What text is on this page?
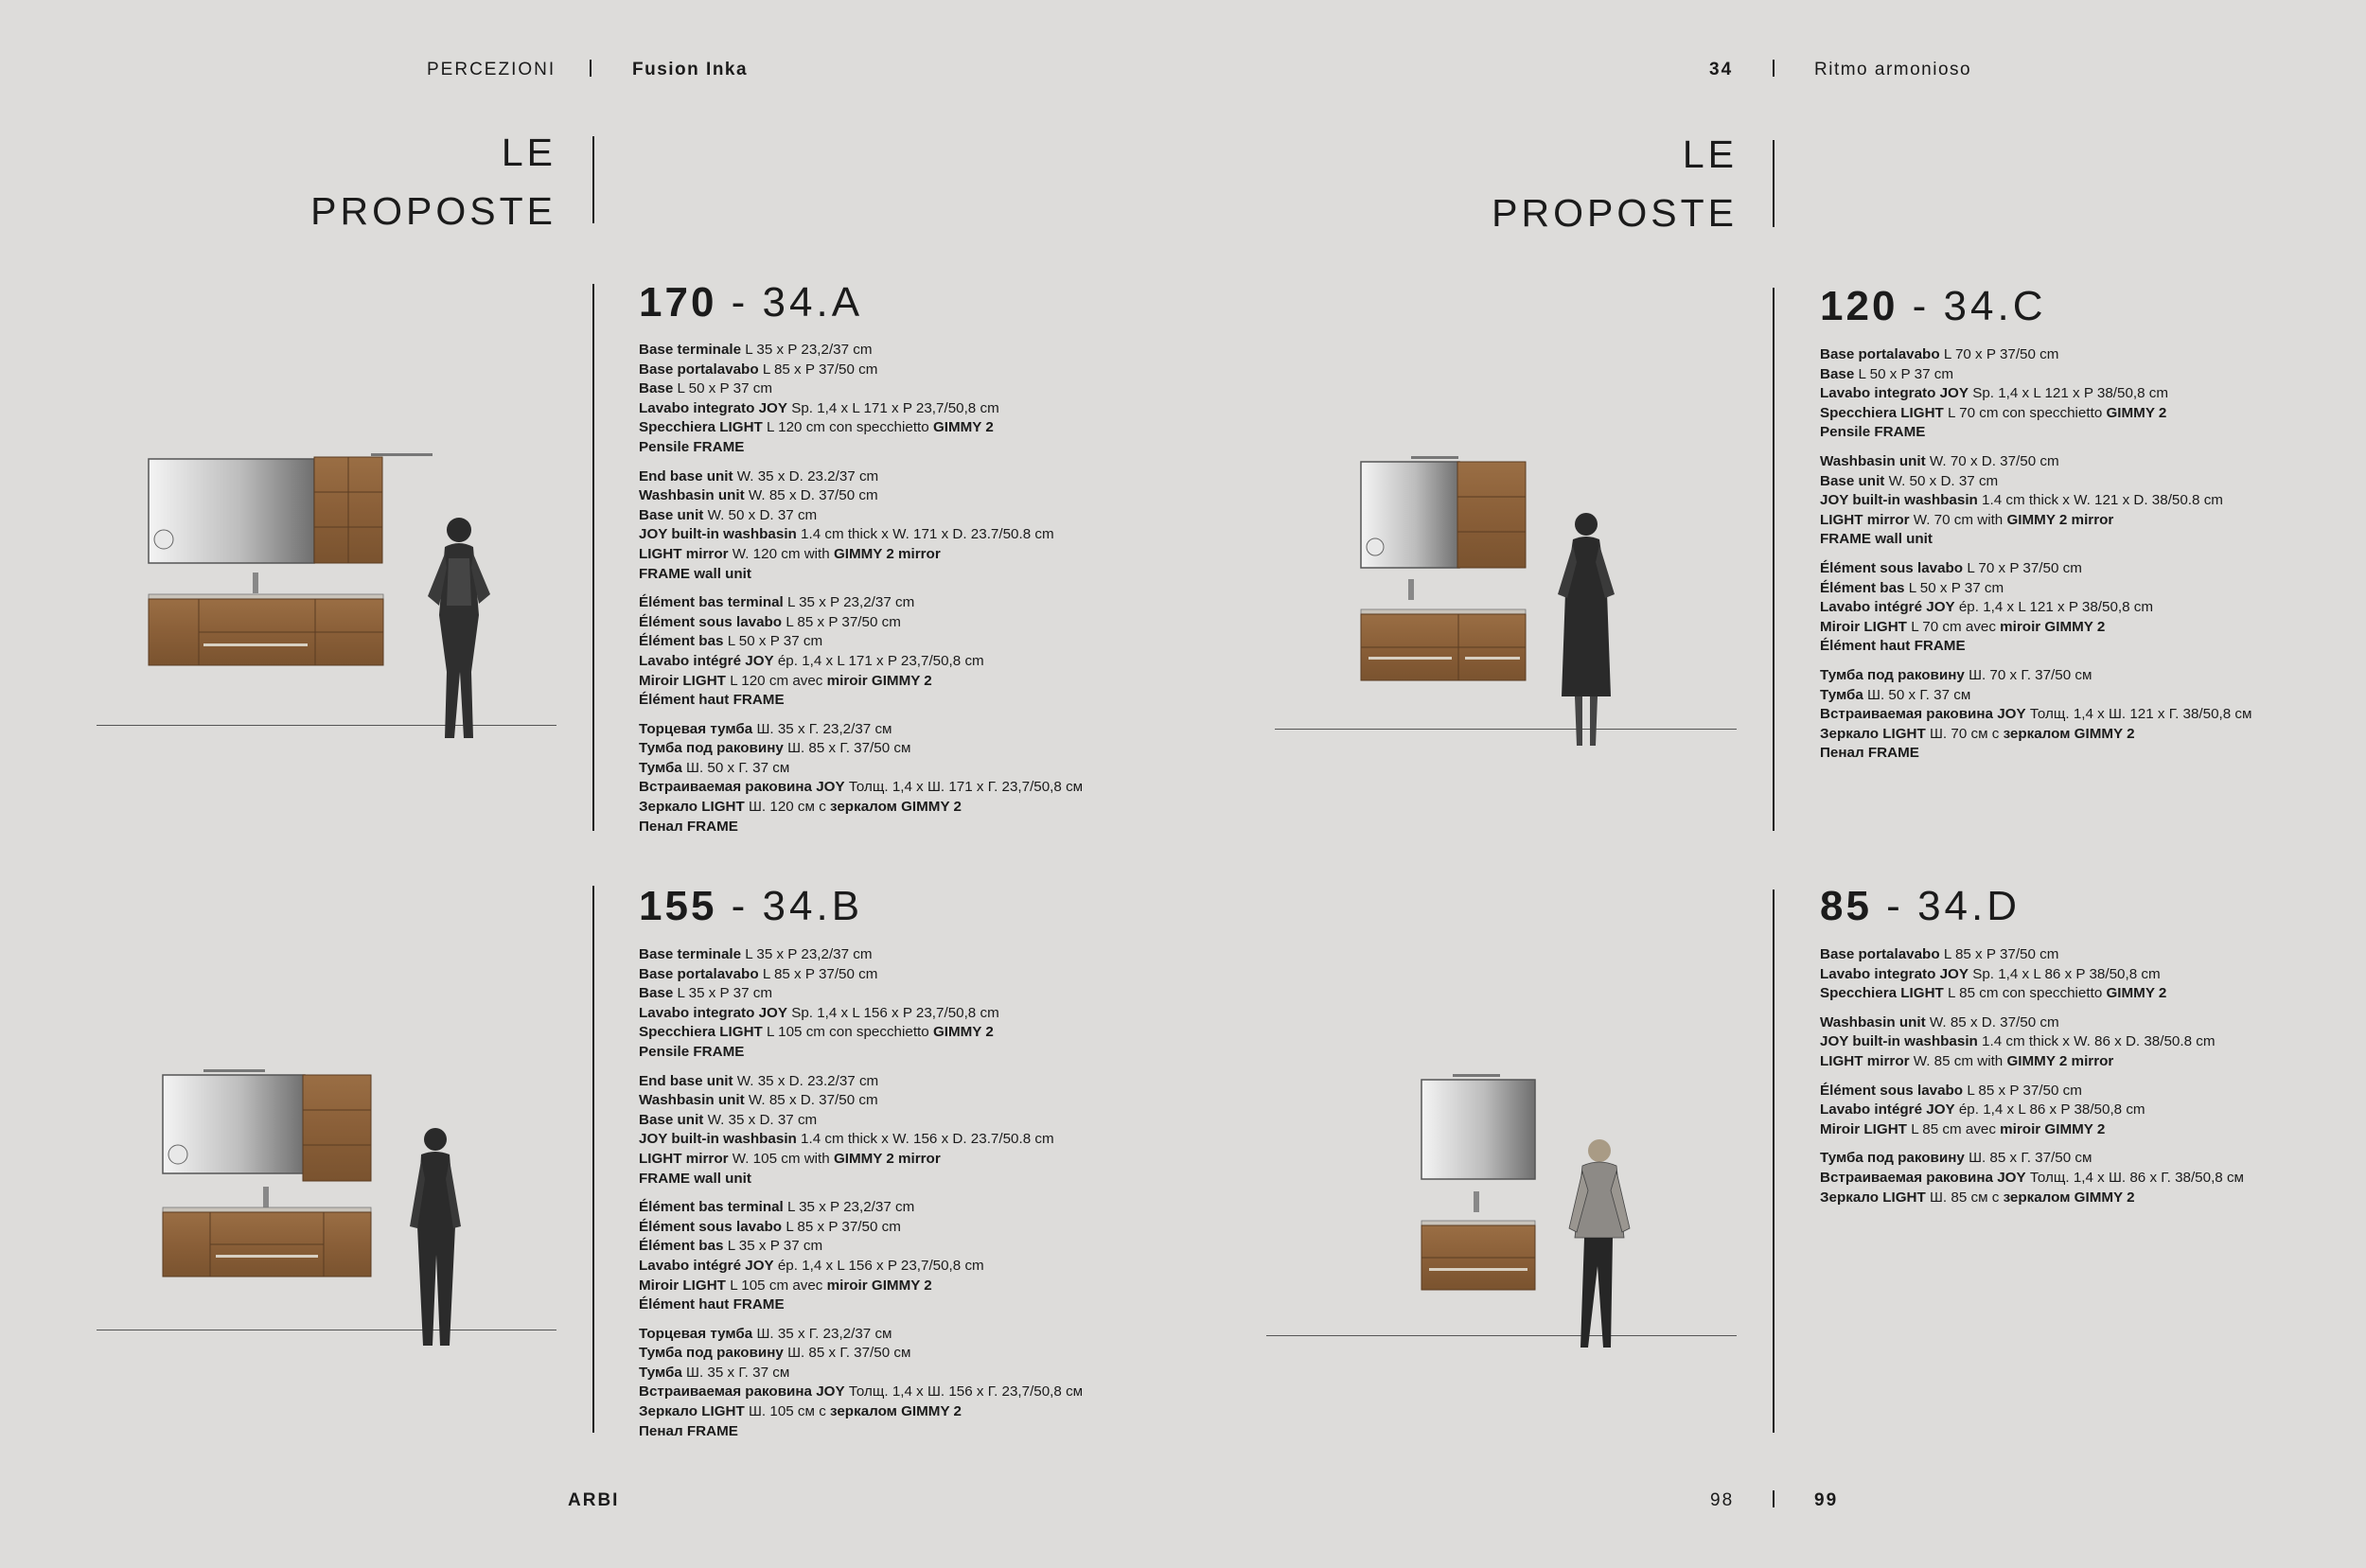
PERCEZIONI	Fusion Inka	34	Ritmo armonioso
LE
PROPOSTE
LE
PROPOSTE
170 - 34.A
Base terminale L 35 x P 23,2/37 cm
Base portalavabo L 85 x P 37/50 cm
Base L 50 x P 37 cm
Lavabo integrato JOY Sp. 1,4 x L 171 x P 23,7/50,8 cm
Specchiera LIGHT L 120 cm con specchietto GIMMY 2
Pensile FRAME
End base unit W. 35 x D. 23.2/37 cm
Washbasin unit W. 85 x D. 37/50 cm
Base unit W. 50 x D. 37 cm
JOY built-in washbasin 1.4 cm thick x W. 171 x D. 23.7/50.8 cm
LIGHT mirror W. 120 cm with GIMMY 2 mirror
FRAME wall unit
Élément bas terminal L 35 x P 23,2/37 cm
Élément sous lavabo L 85 x P 37/50 cm
Élément bas L 50 x P 37 cm
Lavabo intégré JOY ép. 1,4 x L 171 x P 23,7/50,8 cm
Miroir LIGHT L 120 cm avec miroir GIMMY 2
Élément haut FRAME
Торцевая тумба Ш. 35 x Г. 23,2/37 см
Тумба под раковину Ш. 85 x Г. 37/50 см
Тумба Ш. 50 x Г. 37 см
Встраиваемая раковина JOY Толщ. 1,4 x Ш. 171 x Г. 23,7/50,8 см
Зеркало LIGHT Ш. 120 см с зеркалом GIMMY 2
Пенал FRAME
155 - 34.B
Base terminale L 35 x P 23,2/37 cm
Base portalavabo L 85 x P 37/50 cm
Base L 35 x P 37 cm
Lavabo integrato JOY Sp. 1,4 x L 156 x P 23,7/50,8 cm
Specchiera LIGHT L 105 cm con specchietto GIMMY 2
Pensile FRAME
End base unit W. 35 x D. 23.2/37 cm
Washbasin unit W. 85 x D. 37/50 cm
Base unit W. 35 x D. 37 cm
JOY built-in washbasin 1.4 cm thick x W. 156 x D. 23.7/50.8 cm
LIGHT mirror W. 105 cm with GIMMY 2 mirror
FRAME wall unit
Élément bas terminal L 35 x P 23,2/37 cm
Élément sous lavabo L 85 x P 37/50 cm
Élément bas L 35 x P 37 cm
Lavabo intégré JOY ép. 1,4 x L 156 x P 23,7/50,8 cm
Miroir LIGHT L 105 cm avec miroir GIMMY 2
Élément haut FRAME
Торцевая тумба Ш. 35 x Г. 23,2/37 см
Тумба под раковину Ш. 85 x Г. 37/50 см
Тумба Ш. 35 x Г. 37 см
Встраиваемая раковина JOY Толщ. 1,4 x Ш. 156 x Г. 23,7/50,8 см
Зеркало LIGHT Ш. 105 см с зеркалом GIMMY 2
Пенал FRAME
120 - 34.C
Base portalavabo L 70 x P 37/50 cm
Base L 50 x P 37 cm
Lavabo integrato JOY Sp. 1,4 x L 121 x P 38/50,8 cm
Specchiera LIGHT L 70 cm con specchietto GIMMY 2
Pensile FRAME
Washbasin unit W. 70 x D. 37/50 cm
Base unit W. 50 x D. 37 cm
JOY built-in washbasin 1.4 cm thick x W. 121 x D. 38/50.8 cm
LIGHT mirror W. 70 cm with GIMMY 2 mirror
FRAME wall unit
Élément sous lavabo L 70 x P 37/50 cm
Élément bas L 50 x P 37 cm
Lavabo intégré JOY ép. 1,4 x L 121 x P 38/50,8 cm
Miroir LIGHT L 70 cm avec miroir GIMMY 2
Élément haut FRAME
Тумба под раковину Ш. 70 x Г. 37/50 см
Тумба Ш. 50 x Г. 37 см
Встраиваемая раковина JOY Толщ. 1,4 x Ш. 121 x Г. 38/50,8 см
Зеркало LIGHT Ш. 70 см с зеркалом GIMMY 2
Пенал FRAME
85 - 34.D
Base portalavabo L 85 x P 37/50 cm
Lavabo integrato JOY Sp. 1,4 x L 86 x P 38/50,8 cm
Specchiera LIGHT L 85 cm con specchietto GIMMY 2
Washbasin unit W. 85 x D. 37/50 cm
JOY built-in washbasin 1.4 cm thick x W. 86 x D. 38/50.8 cm
LIGHT mirror W. 85 cm with GIMMY 2 mirror
Élément sous lavabo L 85 x P 37/50 cm
Lavabo intégré JOY ép. 1,4 x L 86 x P 38/50,8 cm
Miroir LIGHT L 85 cm avec miroir GIMMY 2
Тумба под раковину Ш. 85 x Г. 37/50 см
Встраиваемая раковина JOY Толщ. 1,4 x Ш. 86 x Г. 38/50,8 см
Зеркало LIGHT Ш. 85 см с зеркалом GIMMY 2
ARBI	98	99
